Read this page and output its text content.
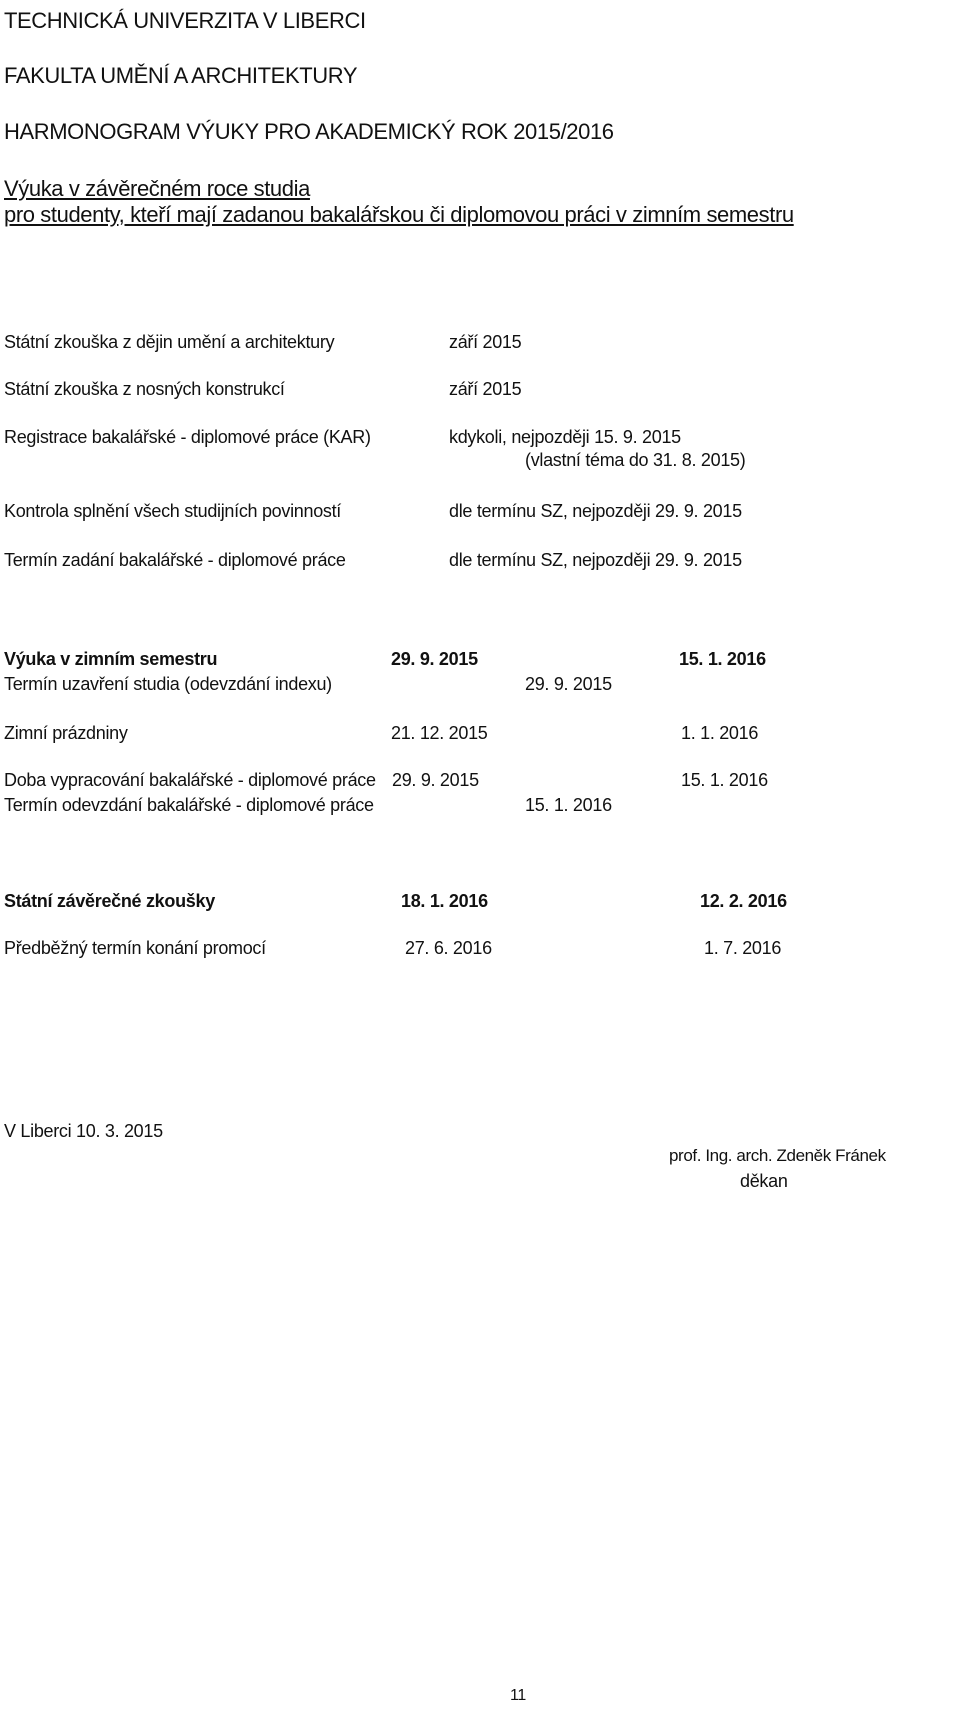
TECHNICKÁ UNIVERZITA V LIBERCI
FAKULTA UMĚNÍ A ARCHITEKTURY
HARMONOGRAM VÝUKY PRO AKADEMICKÝ ROK 2015/2016
Výuka v závěrečném roce studia
pro studenty, kteří mají zadanou bakalářskou či diplomovou práci v zimním semestru
Státní zkouška z dějin umění a architektury	září 2015
Státní zkouška z nosných konstrukcí	září 2015
Registrace bakalářské - diplomové práce (KAR)	kdykoli, nejpozději 15. 9. 2015
(vlastní téma do 31. 8. 2015)
Kontrola splnění všech studijních povinností	dle termínu SZ, nejpozději 29. 9. 2015
Termín zadání bakalářské - diplomové práce	dle termínu SZ, nejpozději 29. 9. 2015
Výuka v zimním semestru	29. 9. 2015	15. 1. 2016
Termín uzavření studia (odevzdání indexu)	29. 9. 2015
Zimní prázdniny	21. 12. 2015	1. 1. 2016
Doba vypracování bakalářské - diplomové práce 29. 9. 2015	15. 1. 2016
Termín odevzdání bakalářské - diplomové práce	15. 1. 2016
Státní závěrečné zkoušky	18. 1. 2016	12. 2. 2016
Předběžný termín konání promocí	27. 6. 2016	1. 7. 2016
V Liberci 10. 3. 2015
prof. Ing. arch. Zdeněk Fránek
děkan
11
